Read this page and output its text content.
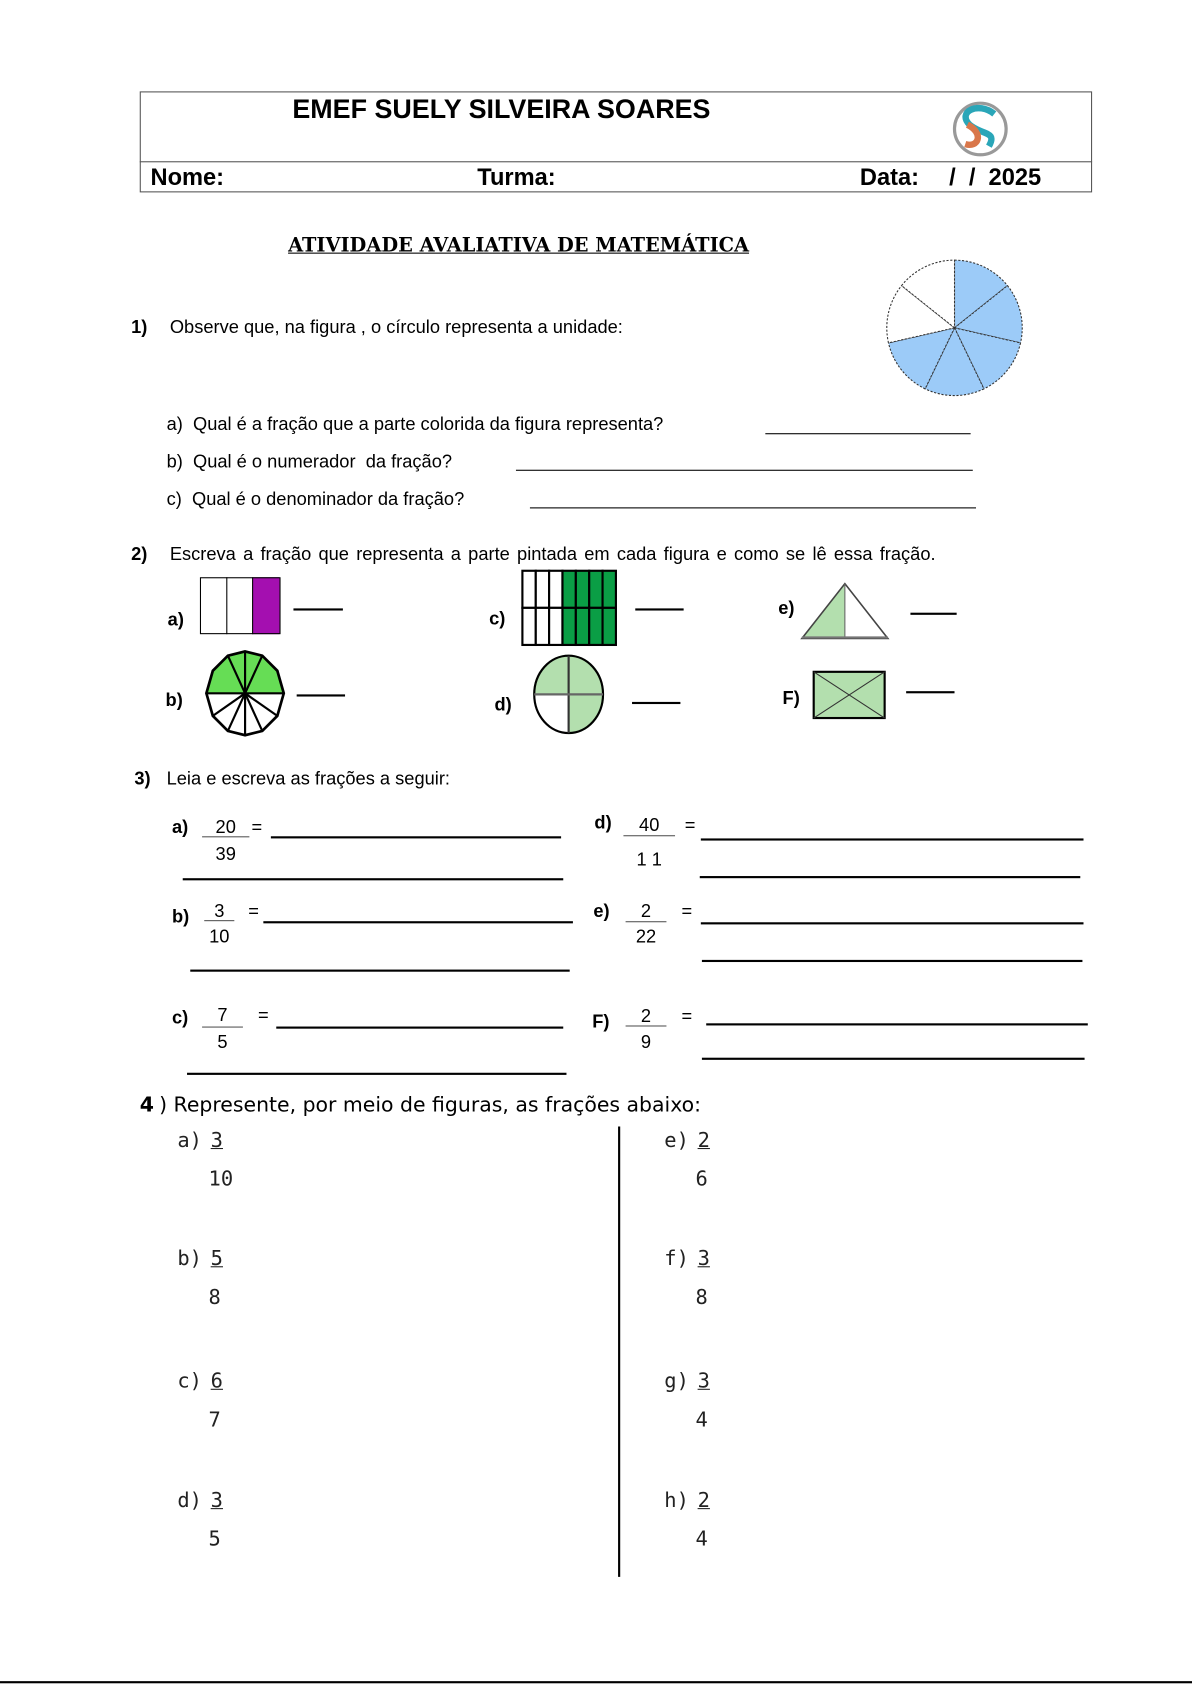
EMEF SUELY SILVEIRA SOARES
Nome:	Turma:	Data: /  /  2025
ATIVIDADE AVALIATIVA DE MATEMÁTICA
1) Observe que, na figura , o círculo representa a unidade:
a)  Qual é a fração que a parte colorida da figura representa?
b)  Qual é o numerador  da fração?
c)  Qual é o denominador da fração?
2) Escreva a fração que representa a parte pintada em cada figura e como se lê essa fração.
a)
b)
c)
d)
e)
F)
3) Leia e escreva as frações a seguir:
a)	20
39
=
b)	3
10
=
c)	7
5
=
d)	40
1 1
=
e)	2
22
=
F)	2
9
=
4 ) Represente, por meio de figuras, as frações abaixo:
a) 3
10
b) 5
8
c) 6
7
d) 3
5
e) 2
6
f) 3
8
g) 3
4
h) 2
4
